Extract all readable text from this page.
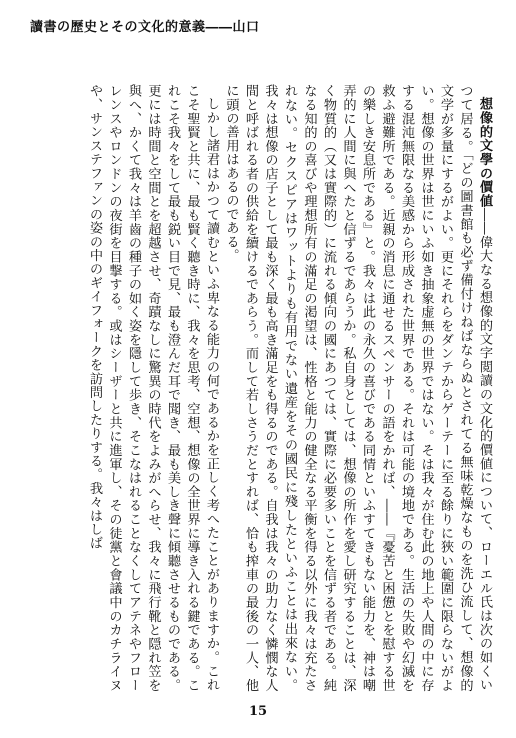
讀書の歷史とその文化的意義――山口

想像的文學の價値――偉大なる想像的文字閲讀の文化的價値について、ローエル氏は次の如くいつて居る。「どの圖書館も必ず備付けねばならぬとされてる無味乾燥なものを洗ひ流して、想像的文学が多量にするがよい。更にそれらをダンテからゲーテーに至る餘りに狹い範圍に限らないがよい。想像の世界は世にいふ如き抽象虚無の世界ではない。そは我々が住む此の地上や人間の中に存する混沌無限なる美感から形成された世界である。それは可能の境地である。生活の失敗や幻滅を救ふ避難所である。近親の消息に通せるスペンサーの語をかれば、――『憂苦と困憊とを慰する世の樂しき安息所である』と。我々は此の永久の喜びである同情といふすてきもない能力を、神は嘲弄的に人間に與へたと信ずるであらうか。私自身としては、想像の所作を愛し研究することは、深く物質的（又は實際的）に流れる傾向の國にあつては、實際に必要多いことを信ずる者である。純なる知的の喜びや理想所有の滿足の渇望は、性格と能力の健全なる平衡を得る以外に我々は充たされない。セクスピアはワットよりも有用でない遺産をその國民に殘したといふことは出來ない。我々は想像の店子として最も深く最も高き滿足をも得るのである。自我は我々の助力なく憐憫な人間と呼ばれる者の供給を續けるであらう。而して若しさうだとすれば、恰も搾車の最後の一人、他に頭の善用はあるのである。

しかし諸君はかつて讀むといふ卑なる能力の何であるかを正しく考へたことがありますか。これこそ聖賢と共に、最も賢く聽き時に、我々を思考、空想、想像の全世界に導き入れる鍵である。これこそ我々をして最も鋭い目で見、最も澄んだ耳で聞き、最も美しき聲に傾聽させるものである。更には時間と空間とを超越させ、奇蹟なしに驚異の時代をよみがへらせ、我々に飛行靴と隠れ笠を與へ、かくて我々は羊齒の種子の如く姿を隱して歩き、そこなはれることなくしてアテネやフローレンスやロンドンの夜街を目撃する。或はシーザーと共に進軍し、その徒黨と會議中のカチライヌや、サンステファンの姿の中のギイフォークを訪問したりする。我々はしば

15
